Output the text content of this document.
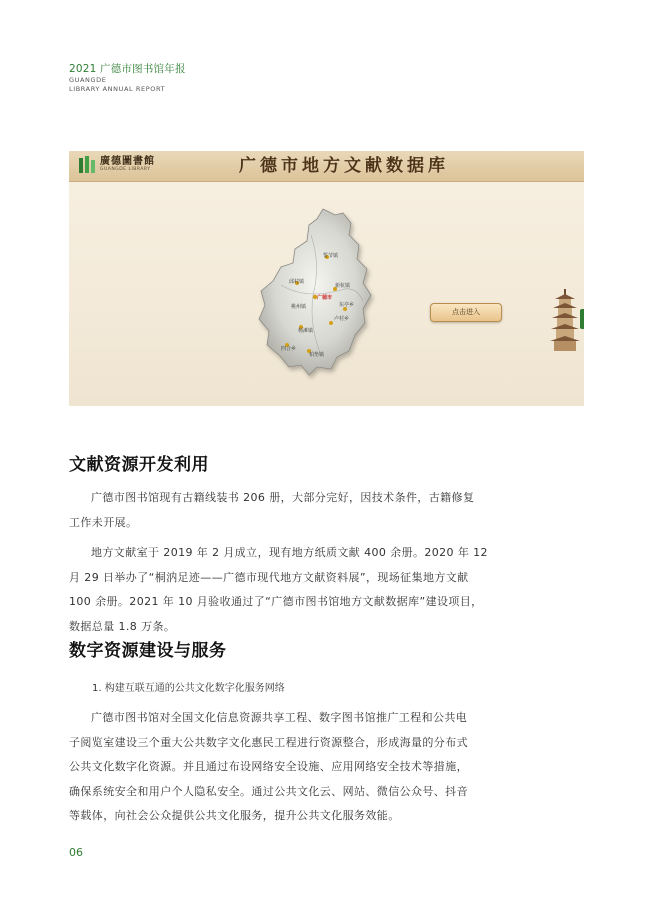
2021 广德市图书馆年报
GUANGDE
LIBRARY ANNUAL REPORT
廣德圖書館
GUANGDE LIBRARY	广德市地方文献数据库
誓节镇
邱村镇
新杭镇
东亭乡
广德市
桃州镇
卢村乡
杨滩镇
四合乡
柏垫镇
点击进入
文献资源开发利用
广德市图书馆现有古籍线装书 206 册，大部分完好，因技术条件，古籍修复
工作未开展。
地方文献室于 2019 年 2 月成立，现有地方纸质文献 400 余册。2020 年 12
月 29 日举办了“桐汭足迹——广德市现代地方文献资料展”，现场征集地方文献
100 余册。2021 年 10 月验收通过了“广德市图书馆地方文献数据库”建设项目，
数据总量 1.8 万条。
数字资源建设与服务
1. 构建互联互通的公共文化数字化服务网络
广德市图书馆对全国文化信息资源共享工程、数字图书馆推广工程和公共电
子阅览室建设三个重大公共数字文化惠民工程进行资源整合，形成海量的分布式
公共文化数字化资源。并且通过布设网络安全设施、应用网络安全技术等措施，
确保系统安全和用户个人隐私安全。通过公共文化云、网站、微信公众号、抖音
等载体，向社会公众提供公共文化服务，提升公共文化服务效能。
06
